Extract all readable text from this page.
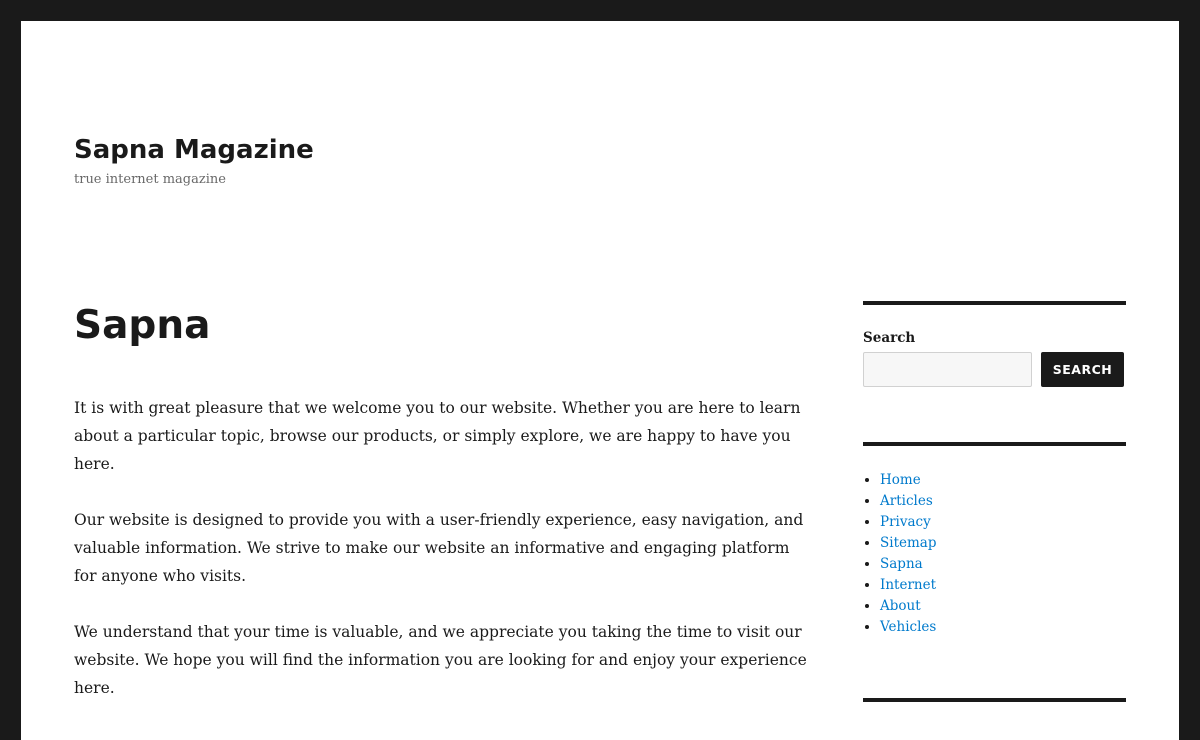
Sapna Magazine

true internet magazine

Sapna

It is with great pleasure that we welcome you to our website. Whether you are here to learn about a particular topic, browse our products, or simply explore, we are happy to have you here.

Our website is designed to provide you with a user-friendly experience, easy navigation, and valuable information. We strive to make our website an informative and engaging platform for anyone who visits.

We understand that your time is valuable, and we appreciate you taking the time to visit our website. We hope you will find the information you are looking for and enjoy your experience here.

Search
SEARCH
• Home
• Articles
• Privacy
• Sitemap
• Sapna
• Internet
• About
• Vehicles
